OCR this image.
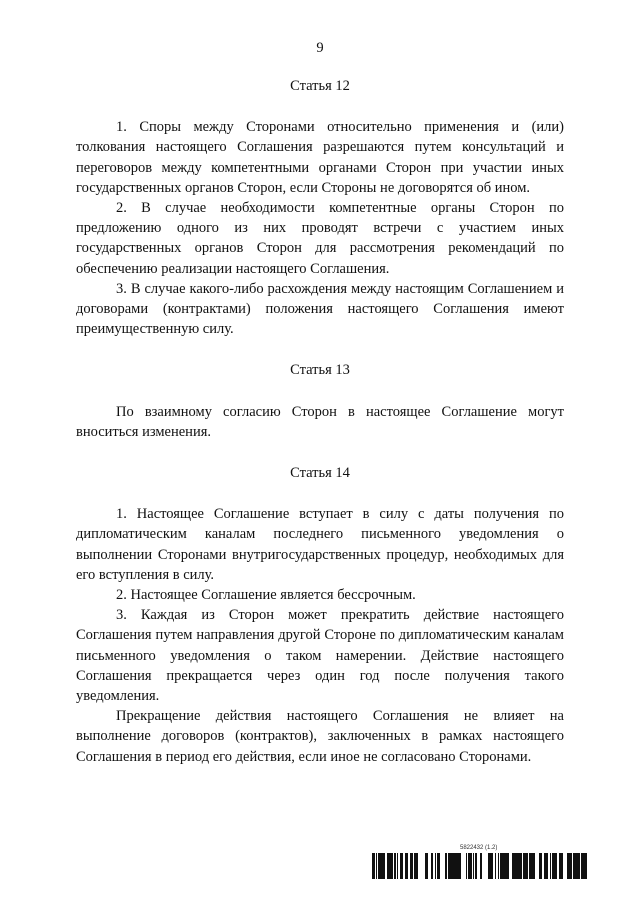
9
Статья 12

1. Споры между Сторонами относительно применения и (или) толкования настоящего Соглашения разрешаются путем консультаций и переговоров между компетентными органами Сторон при участии иных государственных органов Сторон, если Стороны не договорятся об ином.

2. В случае необходимости компетентные органы Сторон по предложению одного из них проводят встречи с участием иных государственных органов Сторон для рассмотрения рекомендаций по обеспечению реализации настоящего Соглашения.

3. В случае какого-либо расхождения между настоящим Соглашением и договорами (контрактами) положения настоящего Соглашения имеют преимущественную силу.

Статья 13

По взаимному согласию Сторон в настоящее Соглашение могут вноситься изменения.

Статья 14

1. Настоящее Соглашение вступает в силу с даты получения по дипломатическим каналам последнего письменного уведомления о выполнении Сторонами внутригосударственных процедур, необходимых для его вступления в силу.

2. Настоящее Соглашение является бессрочным.

3. Каждая из Сторон может прекратить действие настоящего Соглашения путем направления другой Стороне по дипломатическим каналам письменного уведомления о таком намерении. Действие настоящего Соглашения прекращается через один год после получения такого уведомления.

Прекращение действия настоящего Соглашения не влияет на выполнение договоров (контрактов), заключенных в рамках настоящего Соглашения в период его действия, если иное не согласовано Сторонами.

5822432 (1.2)
